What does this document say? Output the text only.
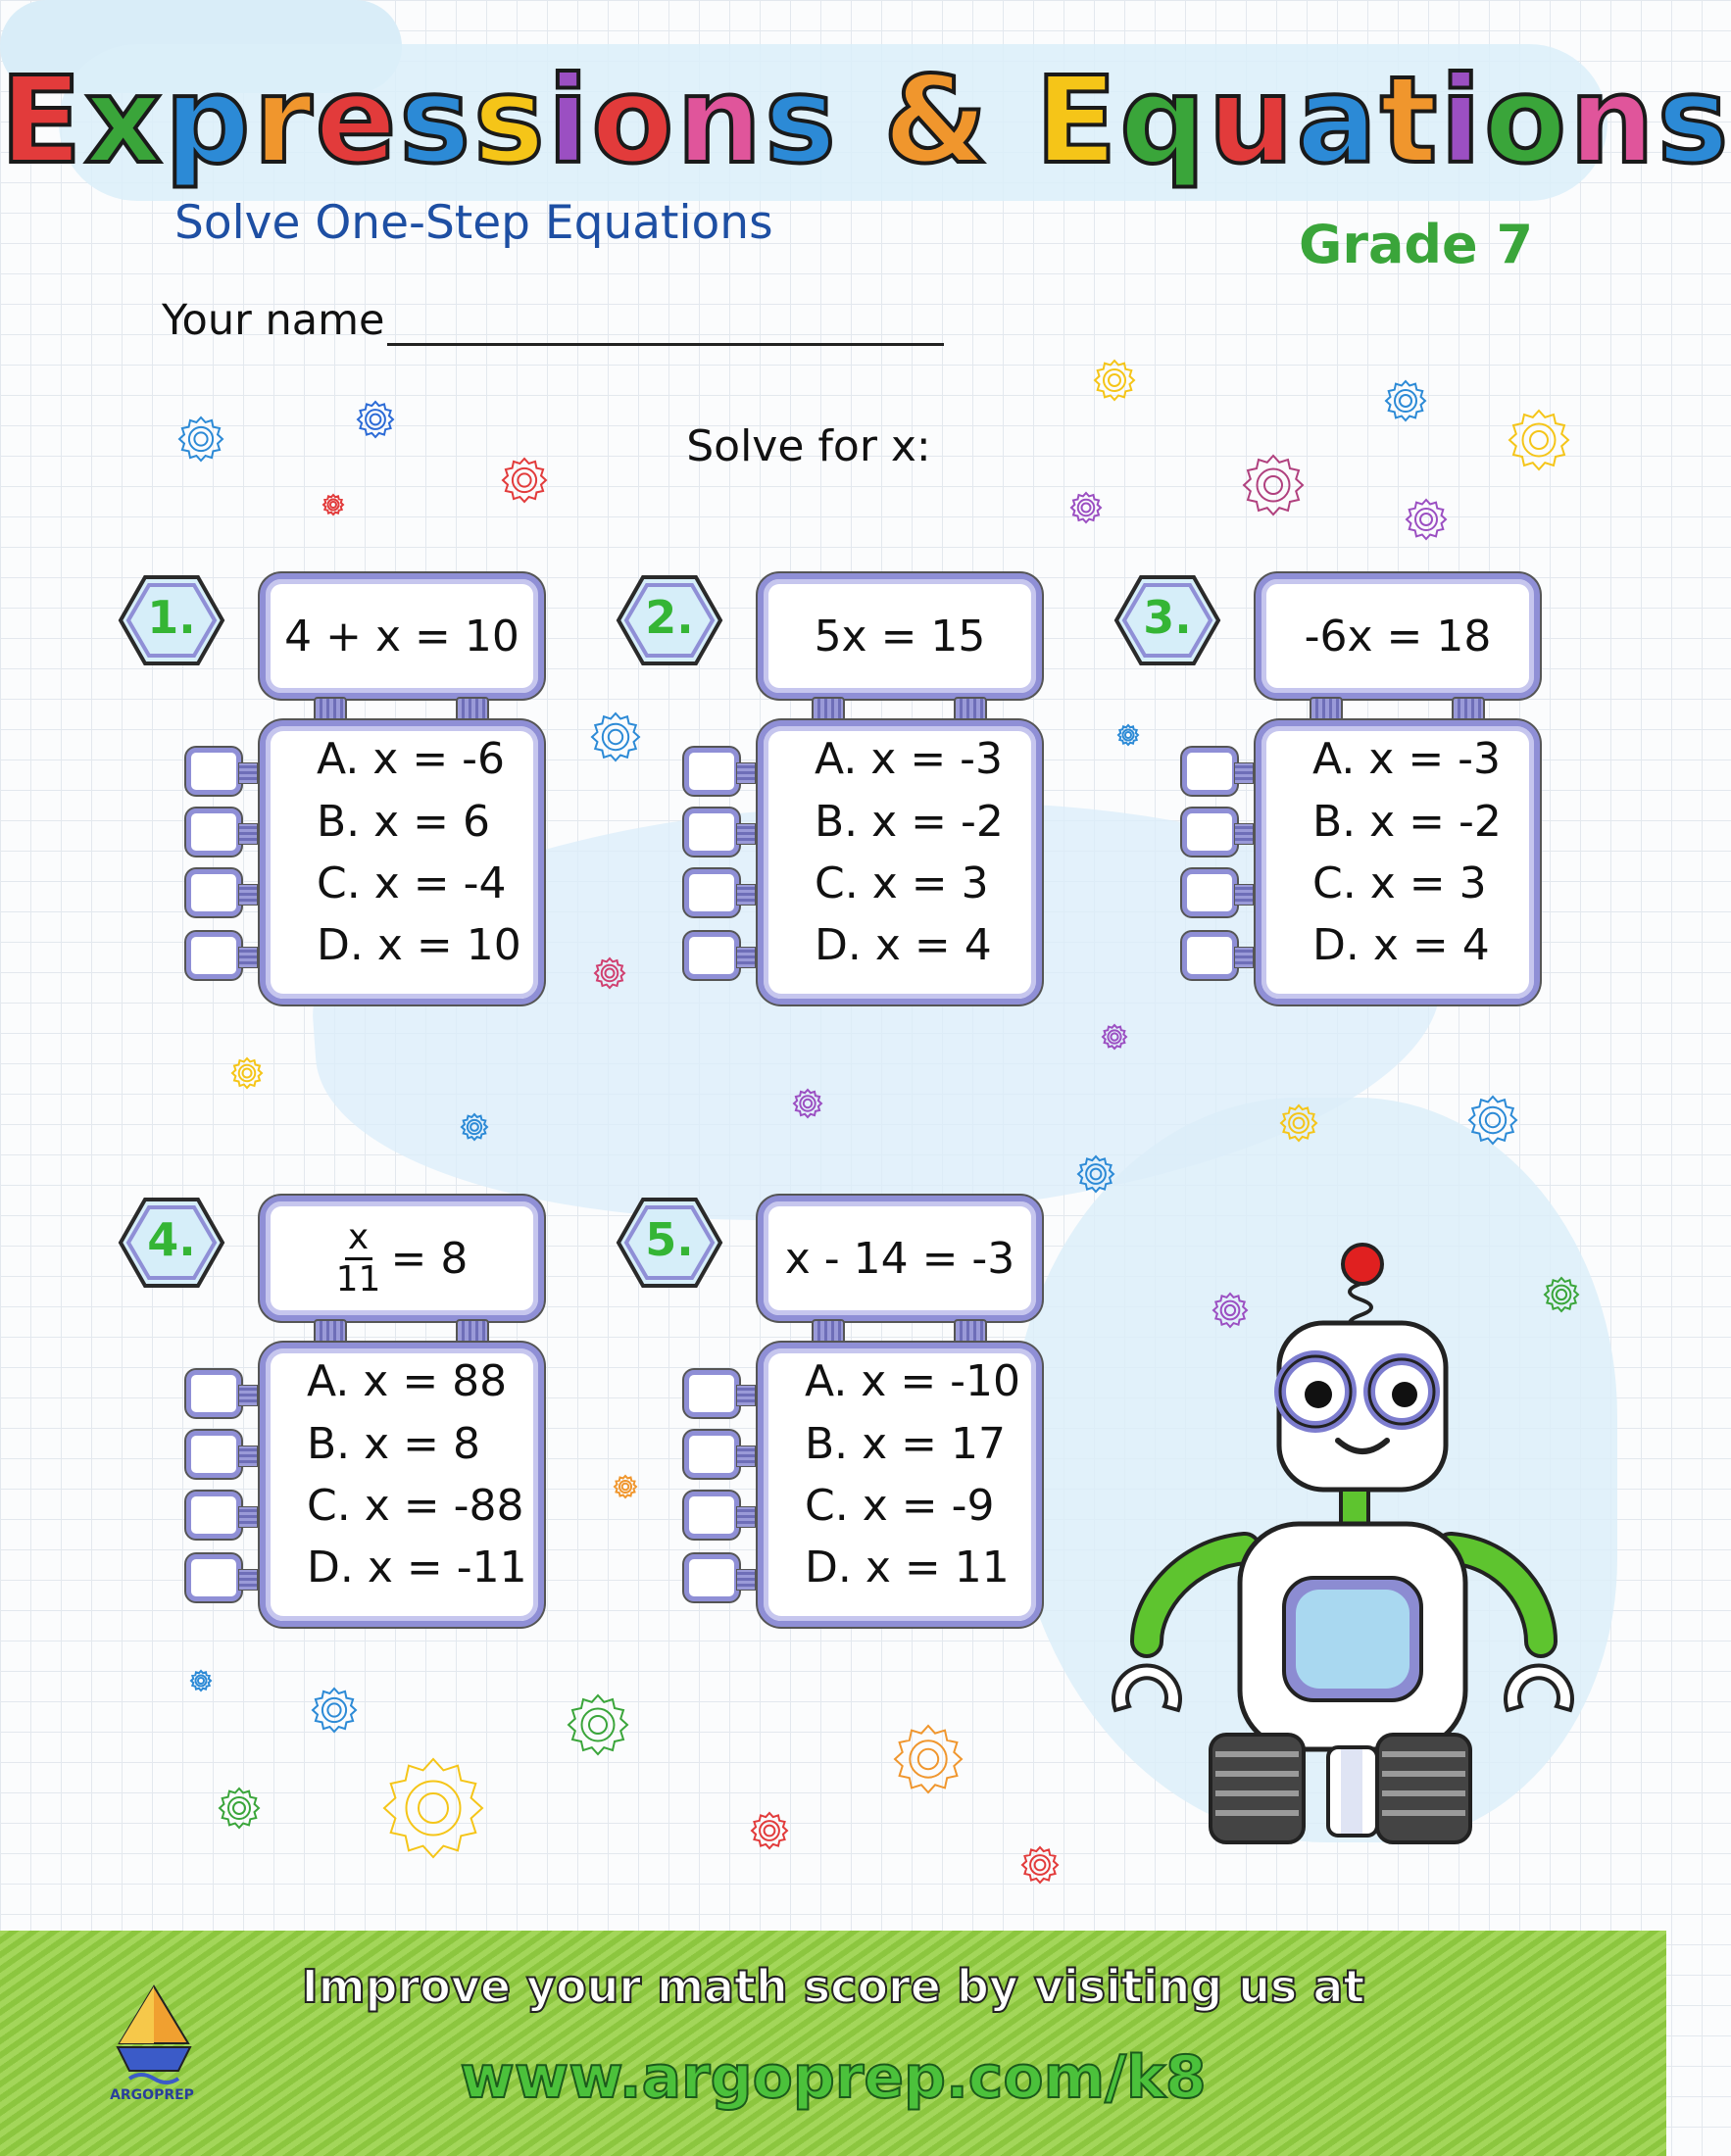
Expressions & Equations
Solve One-Step Equations	Grade 7
Your name
Solve for x:
1.	4 + x = 10
A. x = -6
B. x = 6
C. x = -4
D. x = 10
2.	5x = 15
A. x = -3
B. x = -2
C. x = 3
D. x = 4
3.	-6x = 18
A. x = -3
B. x = -2
C. x = 3
D. x = 4
4.	$\frac{x}{11} = 8$
A. x = 88
B. x = 8
C. x = -88
D. x = -11
5.	x - 14 = -3
A. x = -10
B. x = 17
C. x = -9
D. x = 11
Improve your math score by visiting us at
www.argoprep.com/k8
ARGOPREP
